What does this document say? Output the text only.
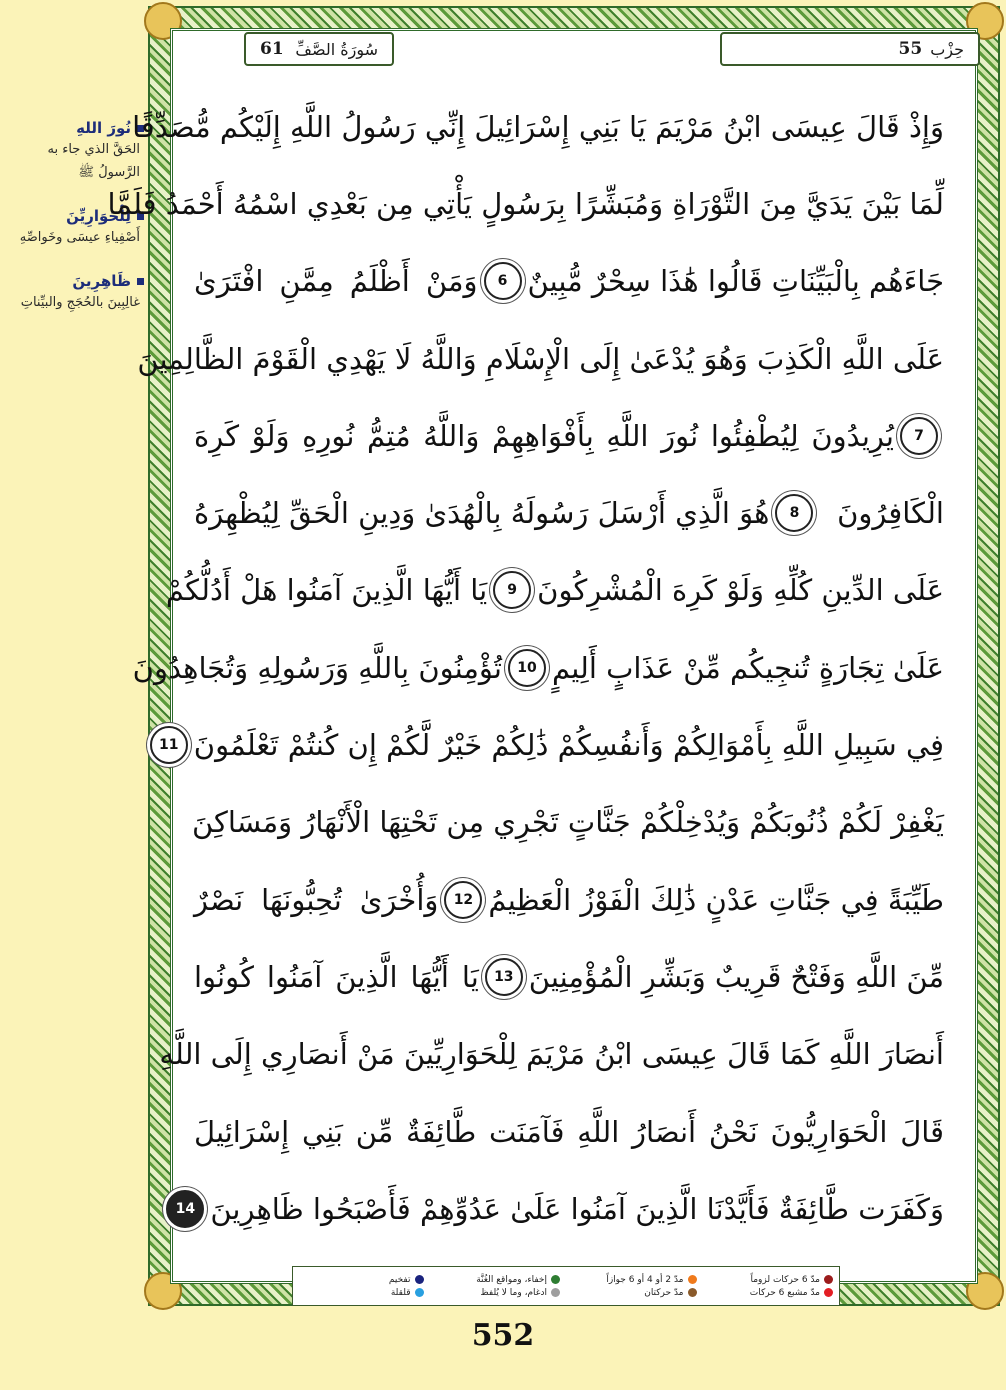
نُورَ اللهِ
الحَقَّ الذي جاء به الرَّسولُ ﷺ
لِلْحَوَارِيِّنَ
أَصْفِياءِ عيسَى وخَواصِّهِ
ظَاهِرِينَ
غالِبِينَ بالحُجَجِ والبيِّناتِ
61 سُورَةُ الصَّفِّ	حِزْب
55
وَإِذْ قَالَ عِيسَى ابْنُ مَرْيَمَ يَا بَنِي إِسْرَائِيلَ إِنِّي رَسُولُ اللَّهِ إِلَيْكُم مُّصَدِّقًا
لِّمَا بَيْنَ يَدَيَّ مِنَ التَّوْرَاةِ وَمُبَشِّرًا بِرَسُولٍ يَأْتِي مِن بَعْدِي اسْمُهُ أَحْمَدُ فَلَمَّا
جَاءَهُم بِالْبَيِّنَاتِ قَالُوا هَٰذَا سِحْرٌ مُّبِينٌ
6
وَمَنْ أَظْلَمُ مِمَّنِ افْتَرَىٰ
عَلَى اللَّهِ الْكَذِبَ وَهُوَ يُدْعَىٰ إِلَى الْإِسْلَامِ وَاللَّهُ لَا يَهْدِي الْقَوْمَ الظَّالِمِينَ
7
يُرِيدُونَ لِيُطْفِئُوا نُورَ اللَّهِ بِأَفْوَاهِهِمْ وَاللَّهُ مُتِمُّ نُورِهِ وَلَوْ كَرِهَ
الْكَافِرُونَ
8
هُوَ الَّذِي أَرْسَلَ رَسُولَهُ بِالْهُدَىٰ وَدِينِ الْحَقِّ لِيُظْهِرَهُ
عَلَى الدِّينِ كُلِّهِ وَلَوْ كَرِهَ الْمُشْرِكُونَ
9
يَا أَيُّهَا الَّذِينَ آمَنُوا هَلْ أَدُلُّكُمْ
عَلَىٰ تِجَارَةٍ تُنجِيكُم مِّنْ عَذَابٍ أَلِيمٍ
10
تُؤْمِنُونَ بِاللَّهِ وَرَسُولِهِ وَتُجَاهِدُونَ
فِي سَبِيلِ اللَّهِ بِأَمْوَالِكُمْ وَأَنفُسِكُمْ ذَٰلِكُمْ خَيْرٌ لَّكُمْ إِن كُنتُمْ تَعْلَمُونَ
11
يَغْفِرْ لَكُمْ ذُنُوبَكُمْ وَيُدْخِلْكُمْ جَنَّاتٍ تَجْرِي مِن تَحْتِهَا الْأَنْهَارُ وَمَسَاكِنَ
طَيِّبَةً فِي جَنَّاتِ عَدْنٍ ذَٰلِكَ الْفَوْزُ الْعَظِيمُ
12
وَأُخْرَىٰ تُحِبُّونَهَا نَصْرٌ
مِّنَ اللَّهِ وَفَتْحٌ قَرِيبٌ وَبَشِّرِ الْمُؤْمِنِينَ
13
يَا أَيُّهَا الَّذِينَ آمَنُوا كُونُوا
أَنصَارَ اللَّهِ كَمَا قَالَ عِيسَى ابْنُ مَرْيَمَ لِلْحَوَارِيِّينَ مَنْ أَنصَارِي إِلَى اللَّهِ
قَالَ الْحَوَارِيُّونَ نَحْنُ أَنصَارُ اللَّهِ فَآمَنَت طَّائِفَةٌ مِّن بَنِي إِسْرَائِيلَ
وَكَفَرَت طَّائِفَةٌ فَأَيَّدْنَا الَّذِينَ آمَنُوا عَلَىٰ عَدُوِّهِمْ فَأَصْبَحُوا ظَاهِرِينَ
14
مدّ 6 حركات لزوماً
مدّ مشبع 6 حركات
مدّ 2 أو 4 أو 6 جوازاً
مدّ حركتان
إخفاء، ومواقع الغُنَّة
ادغام، وما لا يُلفظ
تفخيم
قلقلة
552
